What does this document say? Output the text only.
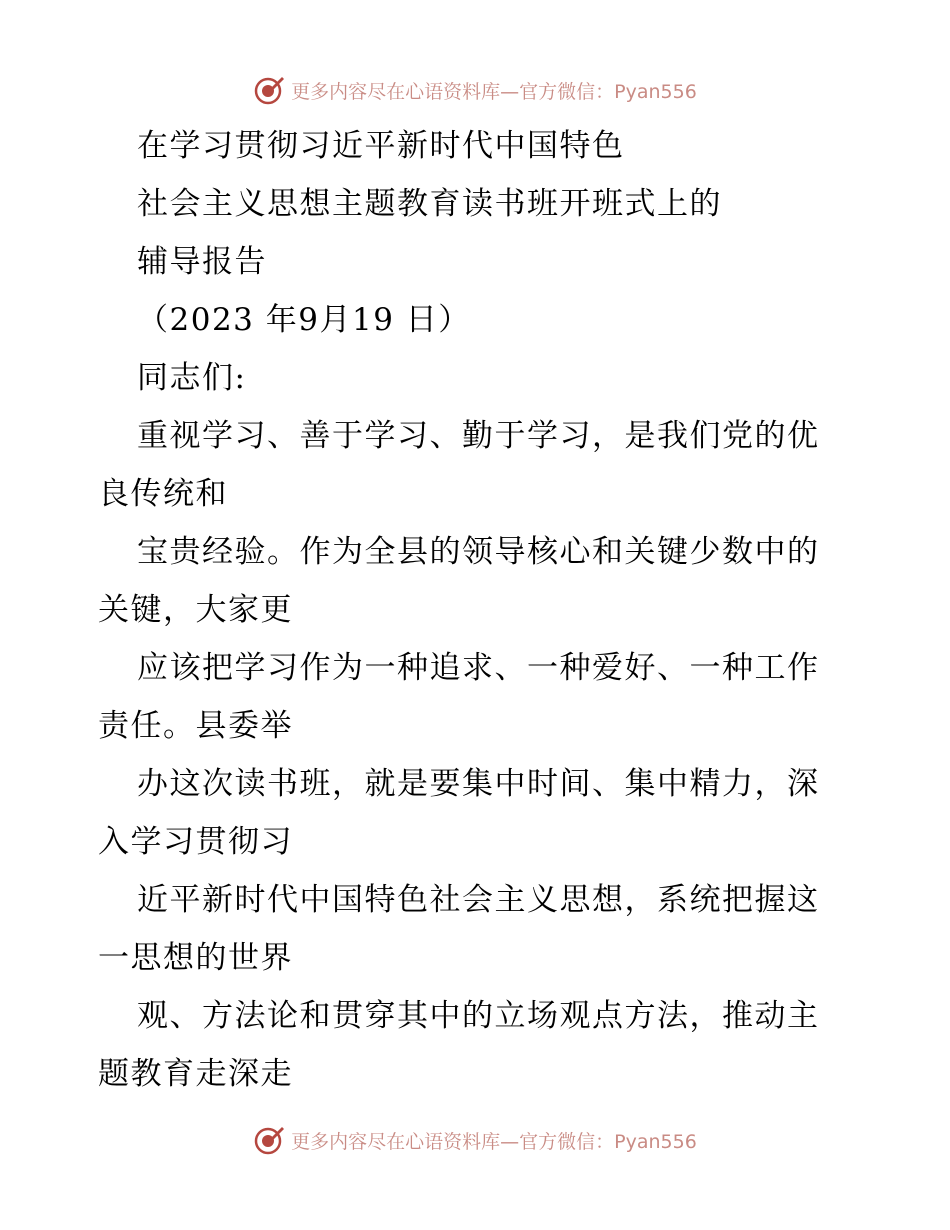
更多内容尽在心语资料库—官方微信：Pyan556
在学习贯彻习近平新时代中国特色
社会主义思想主题教育读书班开班式上的
辅导报告
（2023 年9月19 日）
同志们:
重视学习、善于学习、勤于学习，是我们党的优
良传统和
宝贵经验。作为全县的领导核心和关键少数中的
关键，大家更
应该把学习作为一种追求、一种爱好、一种工作
责任。县委举
办这次读书班，就是要集中时间、集中精力，深
入学习贯彻习
近平新时代中国特色社会主义思想，系统把握这
一思想的世界
观、方法论和贯穿其中的立场观点方法，推动主
题教育走深走
更多内容尽在心语资料库—官方微信：Pyan556
